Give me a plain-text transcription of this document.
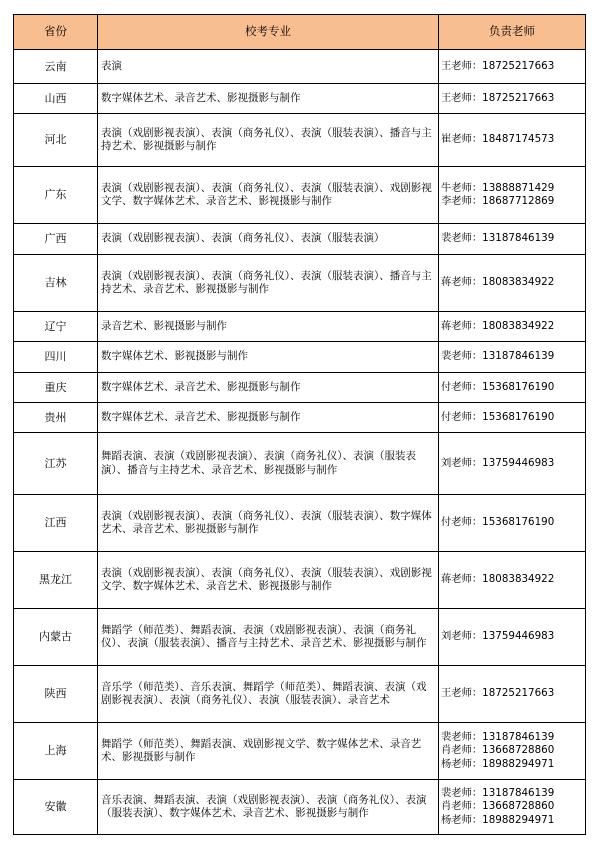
省份	校考专业	负责老师
云南	表演	王老师：18725217663

山西	数字媒体艺术、录音艺术、影视摄影与制作	王老师：18725217663

河北	表演（戏剧影视表演）、表演（商务礼仪）、表演（服装表演）、播音与主持艺术、影视摄影与制作	崔老师：18487174573

广东	表演（戏剧影视表演）、表演（商务礼仪）、表演（服装表演）、戏剧影视文学、数字媒体艺术、录音艺术、影视摄影与制作	牛老师：13888871429
李老师：18687712869

广西	表演（戏剧影视表演）、表演（商务礼仪）、表演（服装表演）	裴老师：13187846139

吉林	表演（戏剧影视表演）、表演（商务礼仪）、表演（服装表演）、播音与主持艺术、录音艺术、影视摄影与制作	蒋老师：18083834922

辽宁	录音艺术、影视摄影与制作	蒋老师：18083834922

四川	数字媒体艺术、影视摄影与制作	裴老师：13187846139

重庆	数字媒体艺术、录音艺术、影视摄影与制作	付老师：15368176190

贵州	数字媒体艺术、录音艺术、影视摄影与制作	付老师：15368176190

江苏	舞蹈表演、表演（戏剧影视表演）、表演（商务礼仪）、表演（服装表演）、播音与主持艺术、录音艺术、影视摄影与制作	刘老师：13759446983

江西	表演（戏剧影视表演）、表演（商务礼仪）、表演（服装表演）、数字媒体艺术、录音艺术、影视摄影与制作	付老师：15368176190

黑龙江	表演（戏剧影视表演）、表演（商务礼仪）、表演（服装表演）、戏剧影视文学、数字媒体艺术、录音艺术、影视摄影与制作	蒋老师：18083834922

内蒙古	舞蹈学（师范类）、舞蹈表演、表演（戏剧影视表演）、表演（商务礼仪）、表演（服装表演）、播音与主持艺术、录音艺术、影视摄影与制作	刘老师：13759446983

陕西	音乐学（师范类）、音乐表演、舞蹈学（师范类）、舞蹈表演、表演（戏剧影视表演）、表演（商务礼仪）、表演（服装表演）、录音艺术	王老师：18725217663

上海	舞蹈学（师范类）、舞蹈表演、戏剧影视文学、数字媒体艺术、录音艺术、影视摄影与制作	裴老师：13187846139
肖老师：13668728860
杨老师：18988294971

安徽	音乐表演、舞蹈表演、表演（戏剧影视表演）、表演（商务礼仪）、表演（服装表演）、数字媒体艺术、录音艺术、影视摄影与制作	裴老师：13187846139
肖老师：13668728860
杨老师：18988294971
